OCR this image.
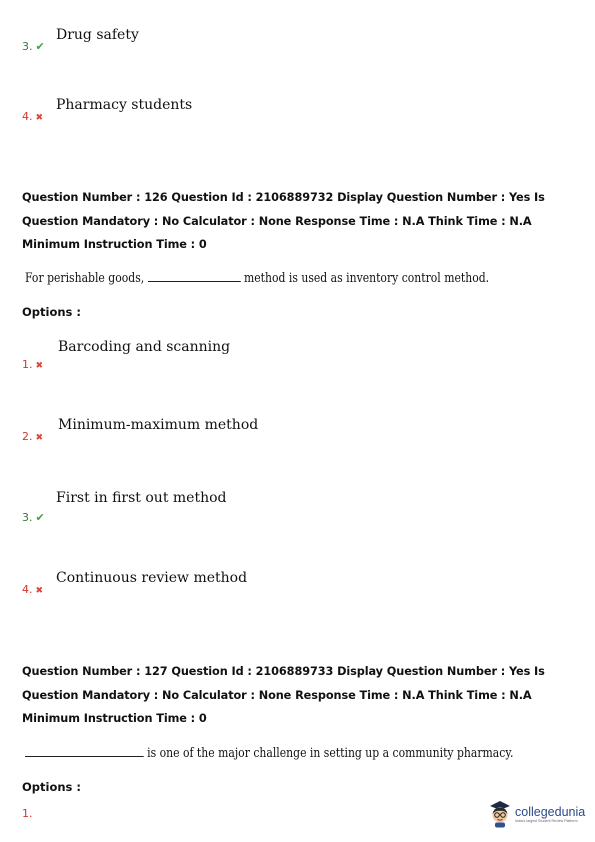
Drug safety
3. ✔
Pharmacy students
4. ✖
Question Number : 126 Question Id : 2106889732 Display Question Number : Yes Is Question Mandatory : No Calculator : None Response Time : N.A Think Time : N.A Minimum Instruction Time : 0
For perishable goods,	method is used as inventory control method.
Options :
Barcoding and scanning
1. ✖
Minimum-maximum method
2. ✖
First in first out method
3. ✔
Continuous review method
4. ✖
Question Number : 127 Question Id : 2106889733 Display Question Number : Yes Is Question Mandatory : No Calculator : None Response Time : N.A Think Time : N.A Minimum Instruction Time : 0
is one of the major challenge in setting up a community pharmacy.
Options :
1.	collegedunia
India's largest Student Review Platform
